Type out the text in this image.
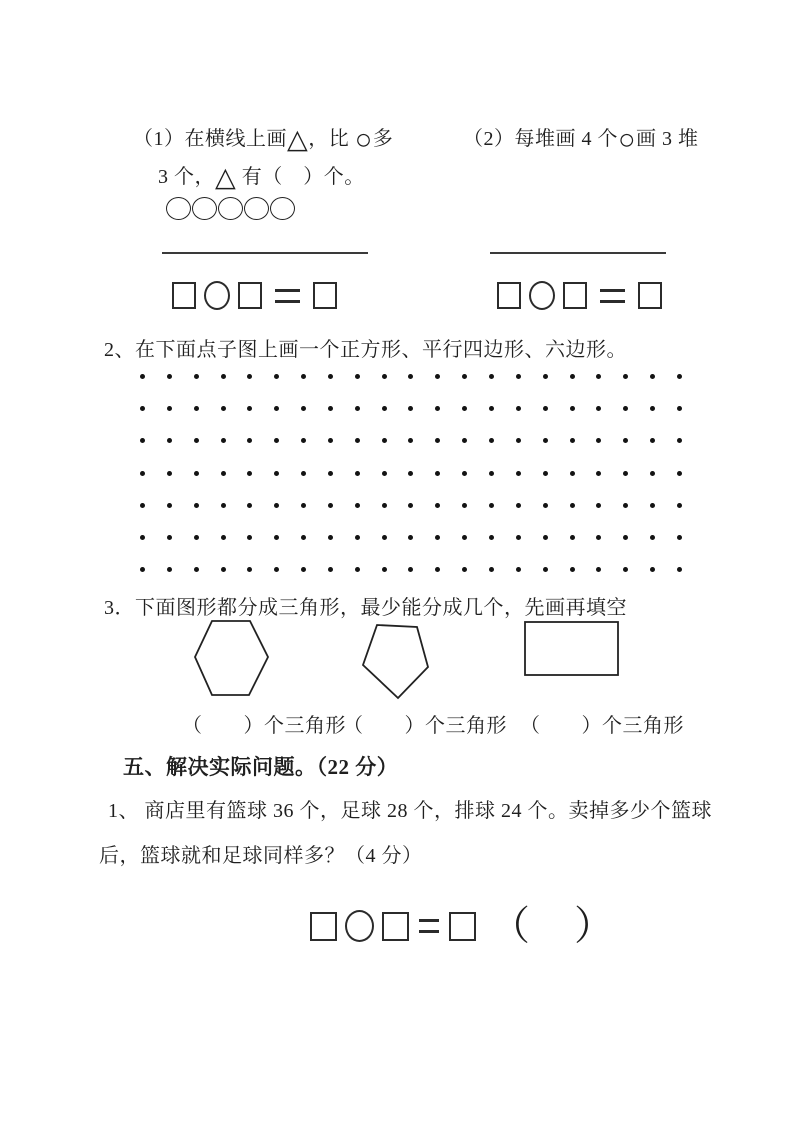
（1）在横线上画△，比 ○多	（2）每堆画 4 个○画 3 堆
3 个，△ 有（　）个。
2、在下面点子图上画一个正方形、平行四边形、六边形。
3．下面图形都分成三角形，最少能分成几个，先画再填空
（　　）个三角形
（　　）个三角形 （　　）个三角形
五、解决实际问题。（22 分）
1、 商店里有篮球 36 个，足球 28 个，排球 24 个。卖掉多少个篮球
后，篮球就和足球同样多？（4 分）
（　）
